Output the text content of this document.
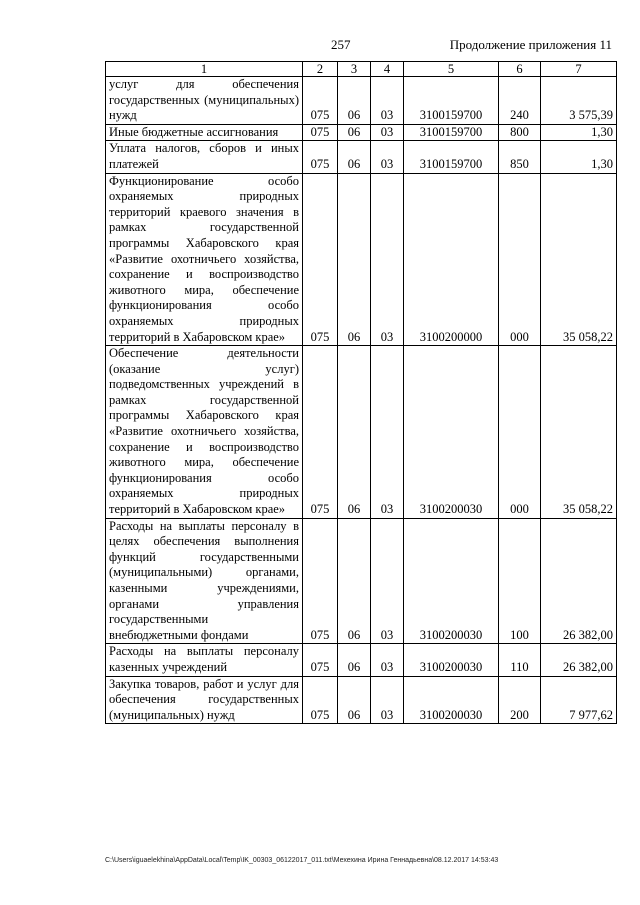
257	Продолжение приложения 11
1	2	3	4	5	6	7
услуг для обеспечения государственных (муниципальных) нужд	075	06	03	3100159700	240	3 575,39
Иные бюджетные ассигнования	075	06	03	3100159700	800	1,30
Уплата налогов, сборов и иных платежей	075	06	03	3100159700	850	1,30
Функционирование особо охраняемых природных территорий краевого значения в рамках государственной программы Хабаровского края «Развитие охотничьего хозяйства, сохранение и воспроизводство животного мира, обеспечение функционирования особо охраняемых природных территорий в Хабаровском крае»	075	06	03	3100200000	000	35 058,22
Обеспечение деятельности (оказание услуг) подведомственных учреждений в рамках государственной программы Хабаровского края «Развитие охотничьего хозяйства, сохранение и воспроизводство животного мира, обеспечение функционирования особо охраняемых природных территорий в Хабаровском крае»	075	06	03	3100200030	000	35 058,22
Расходы на выплаты персоналу в целях обеспечения выполнения функций государственными (муниципальными) органами, казенными учреждениями, органами управления государственными внебюджетными фондами	075	06	03	3100200030	100	26 382,00
Расходы на выплаты персоналу казенных учреждений	075	06	03	3100200030	110	26 382,00
Закупка товаров, работ и услуг для обеспечения государственных (муниципальных) нужд	075	06	03	3100200030	200	7 977,62
C:\Users\iguaelekhina\AppData\Local\Temp\IK_00303_06122017_011.txt\Мехехина Ирина Геннадьевна\08.12.2017 14:53:43
